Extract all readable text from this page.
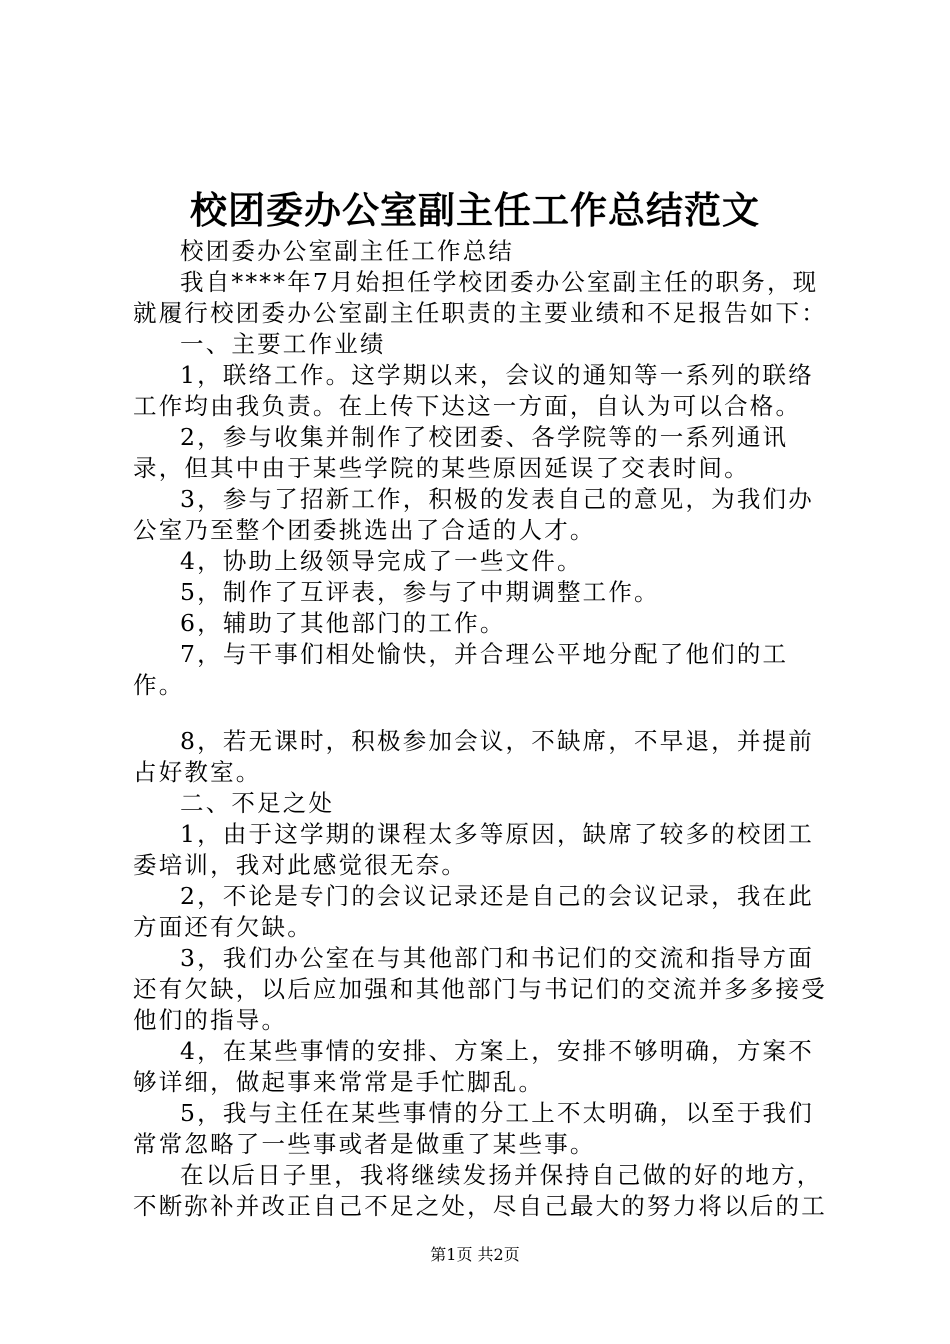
校团委办公室副主任工作总结范文

校团委办公室副主任工作总结

我自****年7月始担任学校团委办公室副主任的职务，现就履行校团委办公室副主任职责的主要业绩和不足报告如下：

一、主要工作业绩

1，联络工作。这学期以来，会议的通知等一系列的联络工作均由我负责。在上传下达这一方面，自认为可以合格。

2，参与收集并制作了校团委、各学院等的一系列通讯录，但其中由于某些学院的某些原因延误了交表时间。

3，参与了招新工作，积极的发表自己的意见，为我们办公室乃至整个团委挑选出了合适的人才。

4，协助上级领导完成了一些文件。

5，制作了互评表，参与了中期调整工作。

6，辅助了其他部门的工作。

7，与干事们相处愉快，并合理公平地分配了他们的工作。

8，若无课时，积极参加会议，不缺席，不早退，并提前占好教室。

二、不足之处

1，由于这学期的课程太多等原因，缺席了较多的校团工委培训，我对此感觉很无奈。

2，不论是专门的会议记录还是自己的会议记录，我在此方面还有欠缺。

3，我们办公室在与其他部门和书记们的交流和指导方面还有欠缺，以后应加强和其他部门与书记们的交流并多多接受他们的指导。

4，在某些事情的安排、方案上，安排不够明确，方案不够详细，做起事来常常是手忙脚乱。

5，我与主任在某些事情的分工上不太明确，以至于我们常常忽略了一些事或者是做重了某些事。

在以后日子里，我将继续发扬并保持自己做的好的地方，不断弥补并改正自己不足之处，尽自己最大的努力将以后的工

第1页 共2页
